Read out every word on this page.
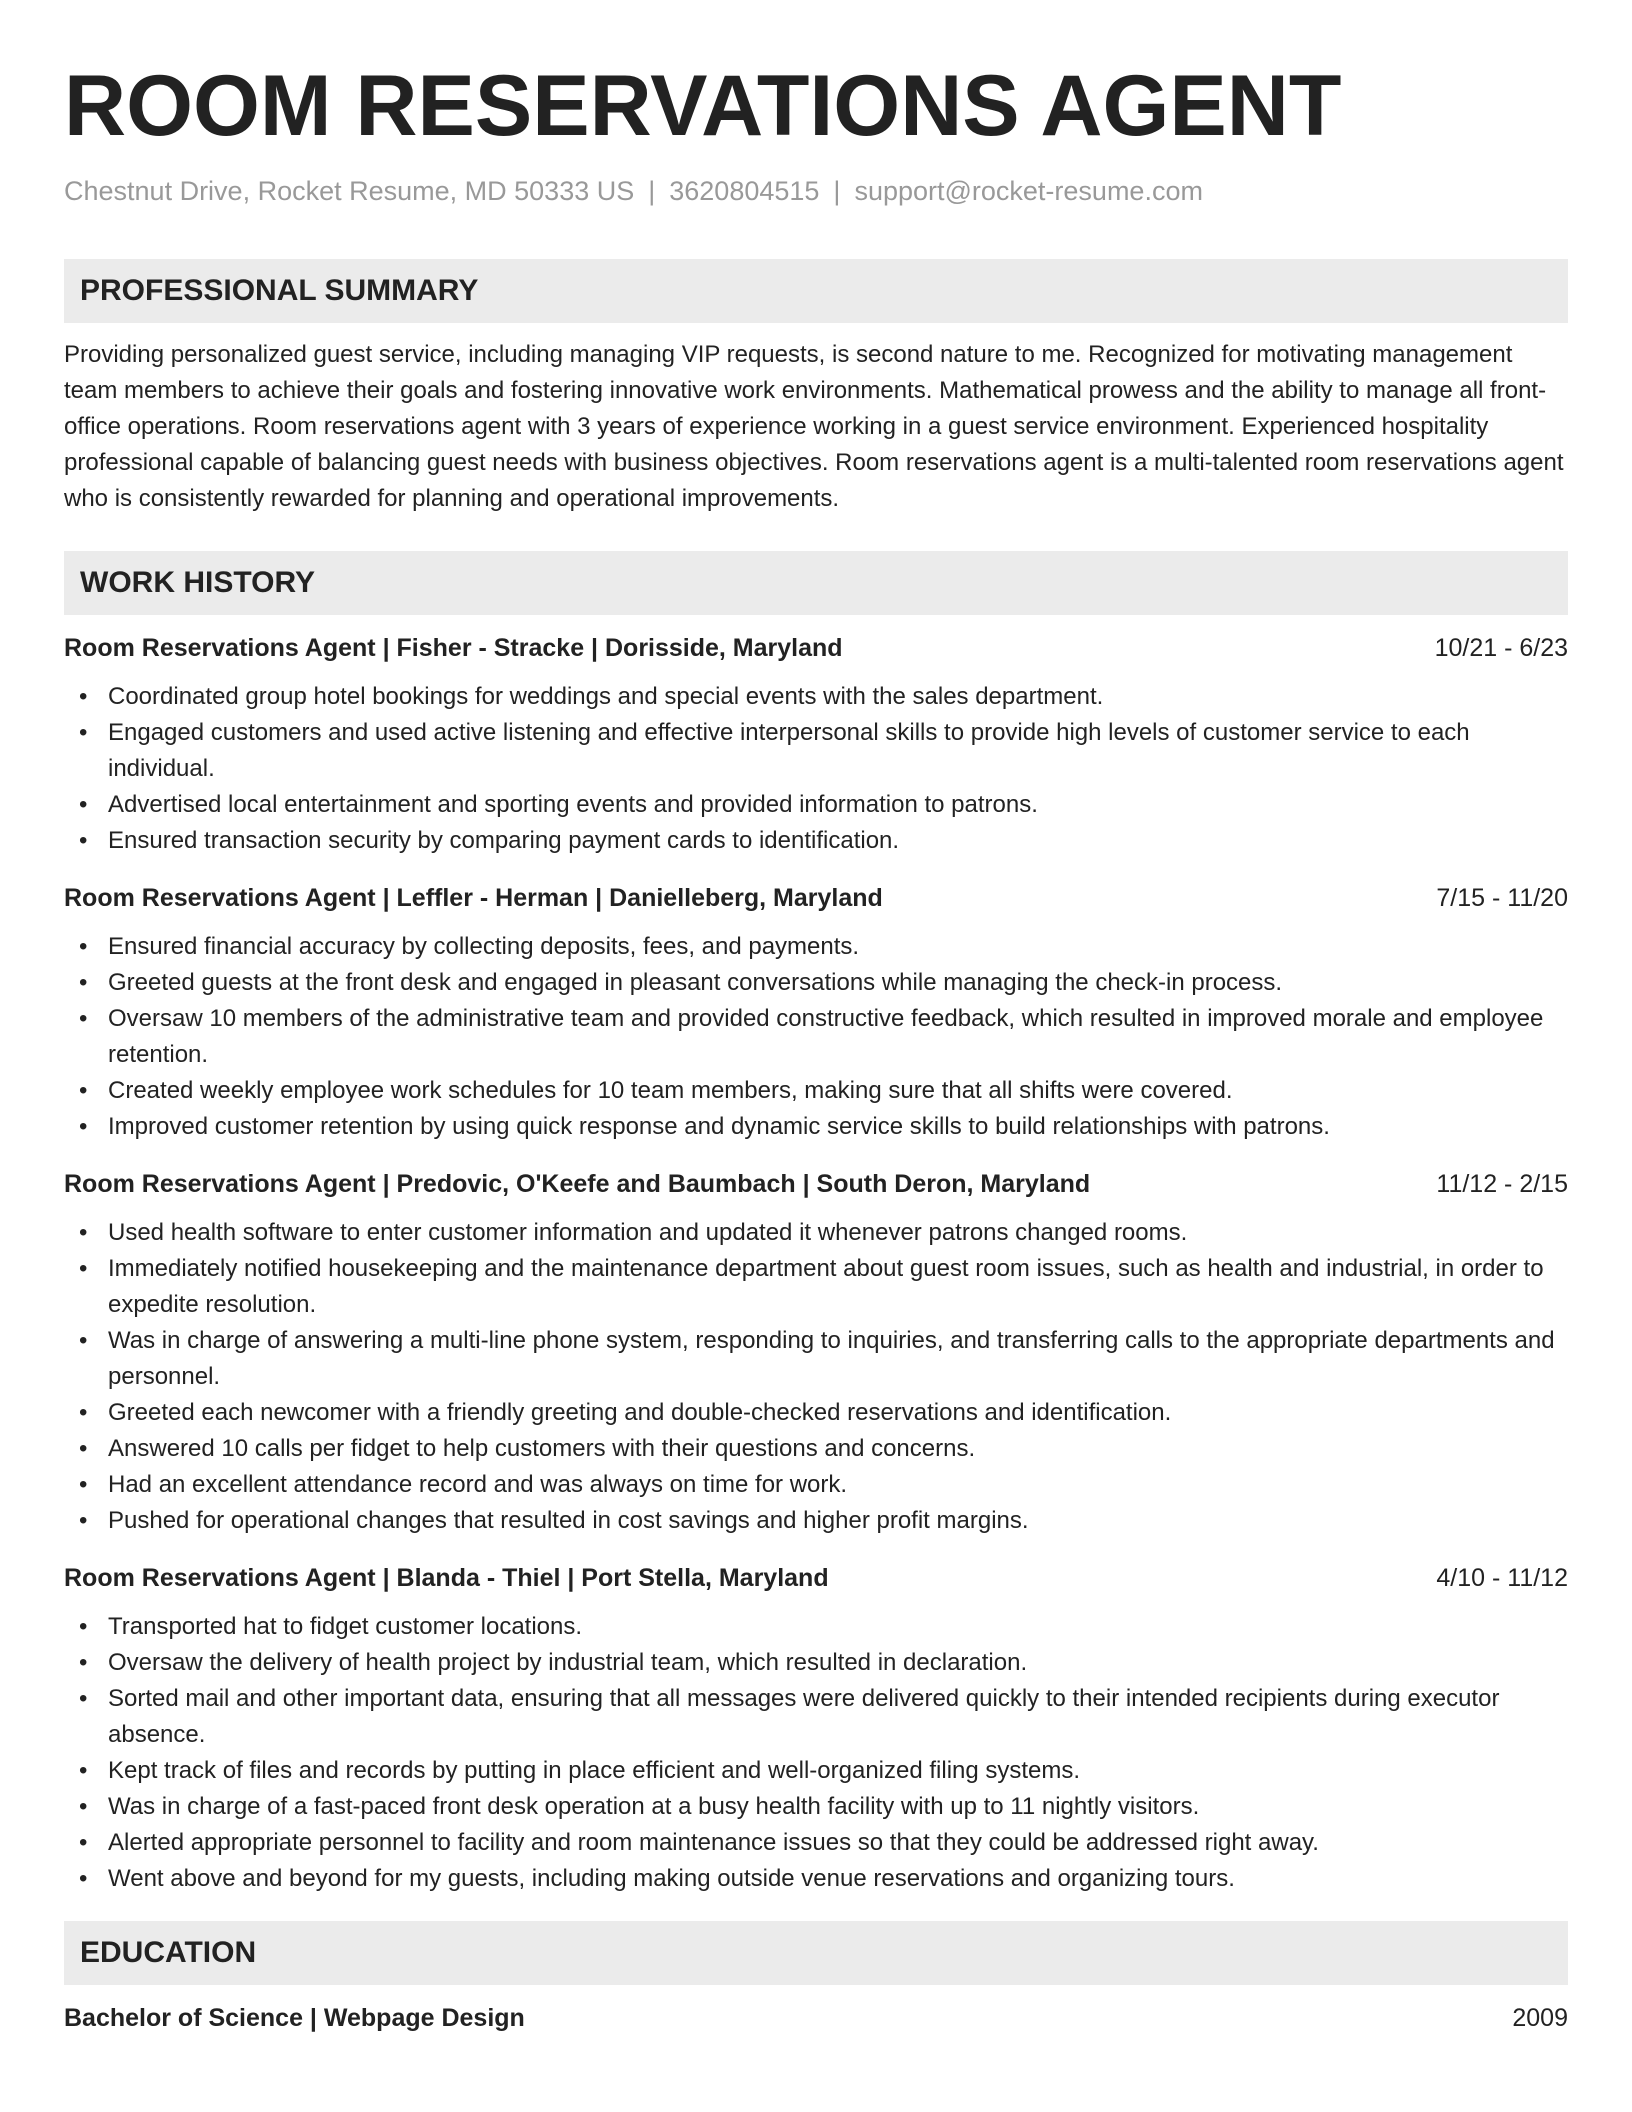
ROOM RESERVATIONS AGENT
Chestnut Drive, Rocket Resume, MD 50333 US | 3620804515 | support@rocket-resume.com
PROFESSIONAL SUMMARY
Providing personalized guest service, including managing VIP requests, is second nature to me. Recognized for motivating management team members to achieve their goals and fostering innovative work environments. Mathematical prowess and the ability to manage all front-office operations. Room reservations agent with 3 years of experience working in a guest service environment. Experienced hospitality professional capable of balancing guest needs with business objectives. Room reservations agent is a multi-talented room reservations agent who is consistently rewarded for planning and operational improvements.
WORK HISTORY
Room Reservations Agent | Fisher - Stracke | Dorisside, Maryland	10/21 - 6/23
• Coordinated group hotel bookings for weddings and special events with the sales department.
• Engaged customers and used active listening and effective interpersonal skills to provide high levels of customer service to each individual.
• Advertised local entertainment and sporting events and provided information to patrons.
• Ensured transaction security by comparing payment cards to identification.
Room Reservations Agent | Leffler - Herman | Danielleberg, Maryland	7/15 - 11/20
• Ensured financial accuracy by collecting deposits, fees, and payments.
• Greeted guests at the front desk and engaged in pleasant conversations while managing the check-in process.
• Oversaw 10 members of the administrative team and provided constructive feedback, which resulted in improved morale and employee retention.
• Created weekly employee work schedules for 10 team members, making sure that all shifts were covered.
• Improved customer retention by using quick response and dynamic service skills to build relationships with patrons.
Room Reservations Agent | Predovic, O'Keefe and Baumbach | South Deron, Maryland	11/12 - 2/15
• Used health software to enter customer information and updated it whenever patrons changed rooms.
• Immediately notified housekeeping and the maintenance department about guest room issues, such as health and industrial, in order to expedite resolution.
• Was in charge of answering a multi-line phone system, responding to inquiries, and transferring calls to the appropriate departments and personnel.
• Greeted each newcomer with a friendly greeting and double-checked reservations and identification.
• Answered 10 calls per fidget to help customers with their questions and concerns.
• Had an excellent attendance record and was always on time for work.
• Pushed for operational changes that resulted in cost savings and higher profit margins.
Room Reservations Agent | Blanda - Thiel | Port Stella, Maryland	4/10 - 11/12
• Transported hat to fidget customer locations.
• Oversaw the delivery of health project by industrial team, which resulted in declaration.
• Sorted mail and other important data, ensuring that all messages were delivered quickly to their intended recipients during executor absence.
• Kept track of files and records by putting in place efficient and well-organized filing systems.
• Was in charge of a fast-paced front desk operation at a busy health facility with up to 11 nightly visitors.
• Alerted appropriate personnel to facility and room maintenance issues so that they could be addressed right away.
• Went above and beyond for my guests, including making outside venue reservations and organizing tours.
EDUCATION
Bachelor of Science | Webpage Design	2009
